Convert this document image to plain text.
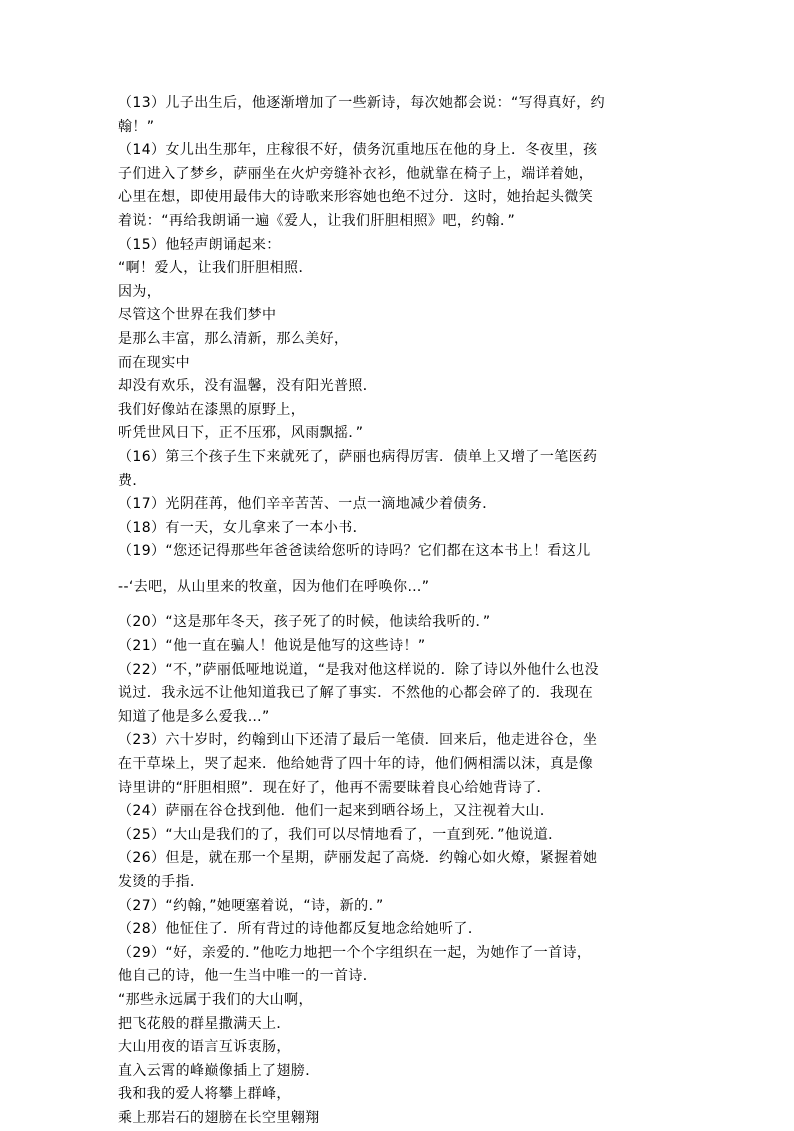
（13）儿子出生后，他逐渐增加了一些新诗，每次她都会说：“写得真好，约
翰！”
（14）女儿出生那年，庄稼很不好，债务沉重地压在他的身上．冬夜里，孩
子们进入了梦乡，萨丽坐在火炉旁缝补衣衫，他就靠在椅子上，端详着她，
心里在想，即使用最伟大的诗歌来形容她也绝不过分．这时，她抬起头微笑
着说：“再给我朗诵一遍《爱人，让我们肝胆相照》吧，约翰．”
（15）他轻声朗诵起来：
“啊！爱人，让我们肝胆相照．
因为，
尽管这个世界在我们梦中
是那么丰富，那么清新，那么美好，
而在现实中
却没有欢乐，没有温馨，没有阳光普照．
我们好像站在漆黑的原野上，
听凭世风日下，正不压邪，风雨飘摇．”
（16）第三个孩子生下来就死了，萨丽也病得厉害．债单上又增了一笔医药
费．
（17）光阴荏苒，他们辛辛苦苦、一点一滴地减少着债务．
（18）有一天，女儿拿来了一本小书．
（19）“您还记得那些年爸爸读给您听的诗吗？它们都在这本书上！看这儿
--‘去吧，从山里来的牧童，因为他们在呼唤你…”
（20）“这是那年冬天，孩子死了的时候，他读给我听的．”
（21）“他一直在骗人！他说是他写的这些诗！”
（22）“不，”萨丽低哑地说道，“是我对他这样说的．除了诗以外他什么也没
说过．我永远不让他知道我已了解了事实．不然他的心都会碎了的．我现在
知道了他是多么爱我…”
（23）六十岁时，约翰到山下还清了最后一笔债．回来后，他走进谷仓，坐
在干草垛上，哭了起来．他给她背了四十年的诗，他们俩相濡以沫，真是像
诗里讲的“肝胆相照”．现在好了，他再不需要昧着良心给她背诗了．
（24）萨丽在谷仓找到他．他们一起来到晒谷场上，又注视着大山．
（25）“大山是我们的了，我们可以尽情地看了，一直到死．”他说道．
（26）但是，就在那一个星期，萨丽发起了高烧．约翰心如火燎，紧握着她
发烫的手指．
（27）“约翰，”她哽塞着说，“诗，新的．”
（28）他怔住了．所有背过的诗他都反复地念给她听了．
（29）“好，亲爱的．”他吃力地把一个个字组织在一起，为她作了一首诗，
他自己的诗，他一生当中唯一的一首诗．
“那些永远属于我们的大山啊，
把飞花般的群星撒满天上．
大山用夜的语言互诉衷肠，
直入云霄的峰巅像插上了翅膀．
我和我的爱人将攀上群峰，
乘上那岩石的翅膀在长空里翱翔
